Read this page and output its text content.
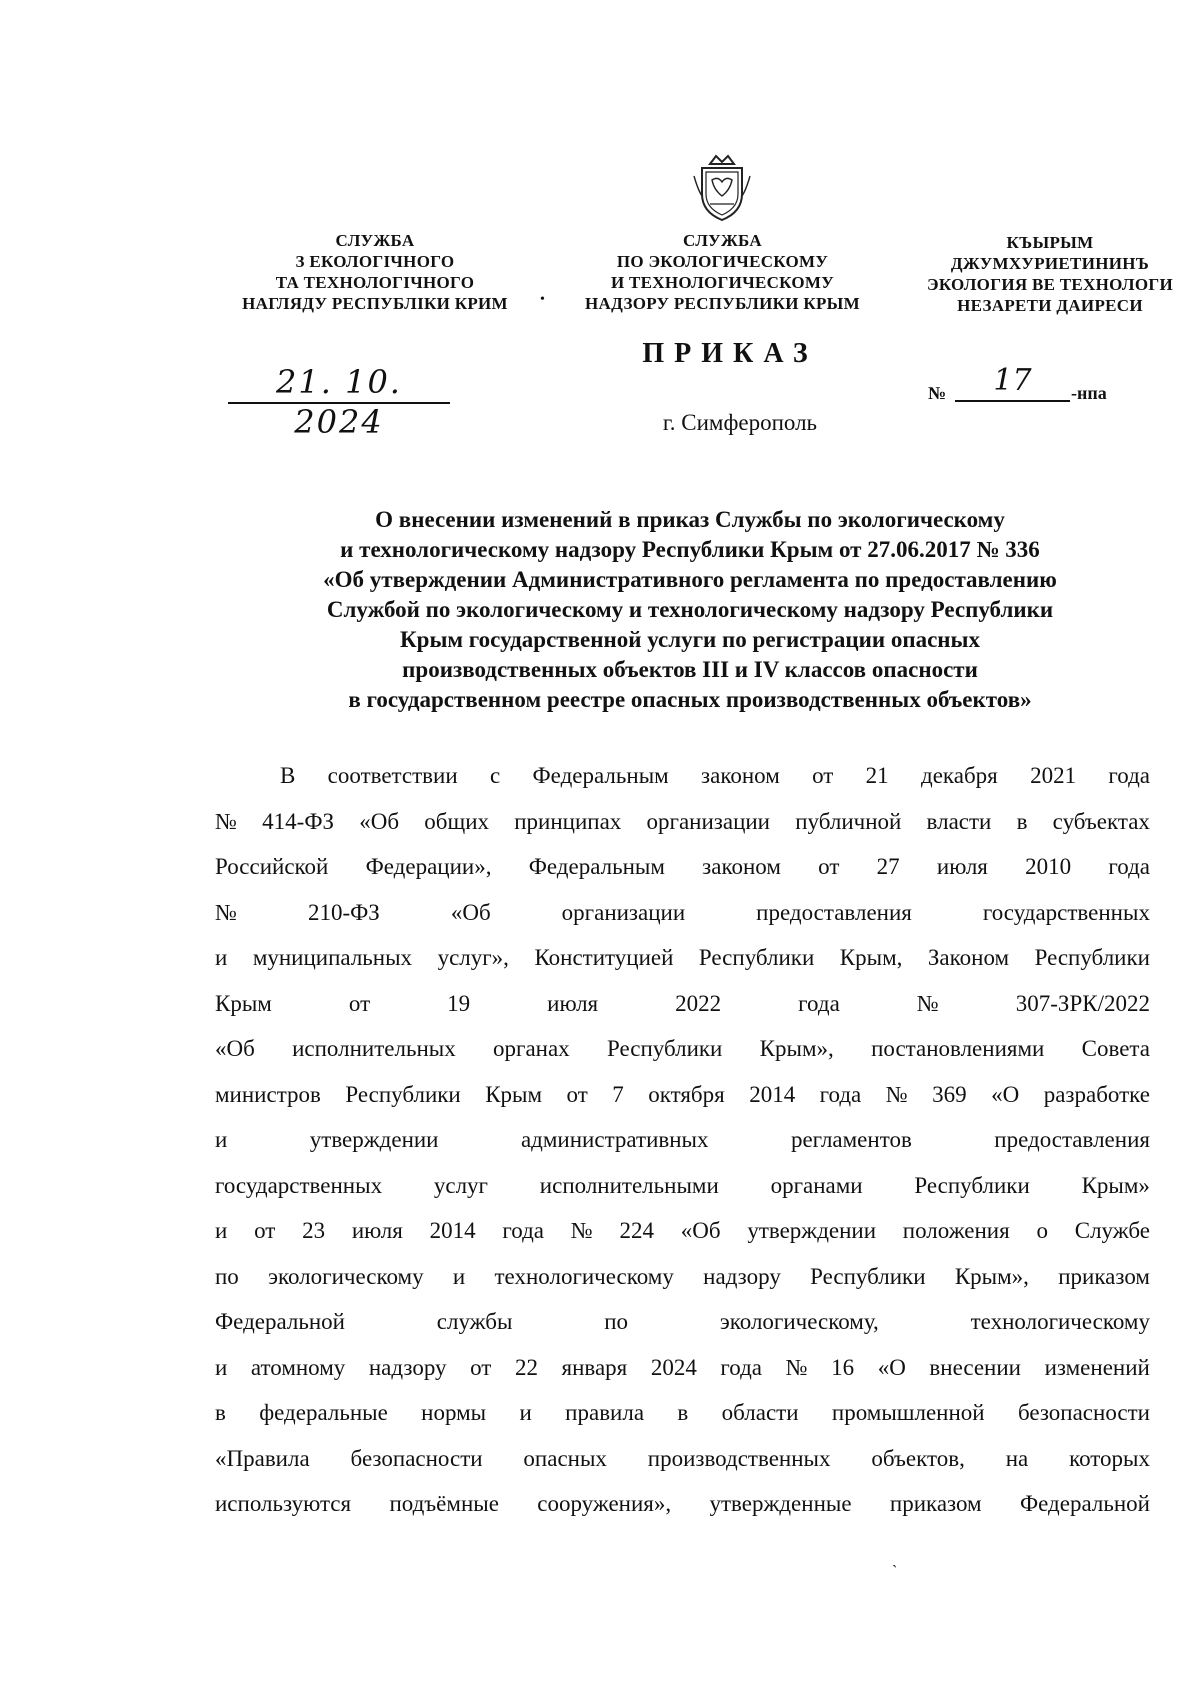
СЛУЖБА
З ЕКОЛОГIЧНОГО
ТА ТЕХНОЛОГIЧНОГО
НАГЛЯДУ РЕСПУБЛIКИ КРИМ	•
СЛУЖБА
ПО ЭКОЛОГИЧЕСКОМУ
И ТЕХНОЛОГИЧЕСКОМУ
НАДЗОРУ РЕСПУБЛИКИ КРЫМ
КЪЫРЫМ
ДЖУМХУРИЕТИНИНЪ
ЭКОЛОГИЯ ВЕ ТЕХНОЛОГИ
НЕЗАРЕТИ ДАИРЕСИ
ПРИКАЗ
21. 10. 2024
№	17	-нпа
г. Симферополь
О внесении изменений в приказ Службы по экологическому
и технологическому надзору Республики Крым от 27.06.2017 № 336
«Об утверждении Административного регламента по предоставлению
Службой по экологическому и технологическому надзору Республики
Крым государственной услуги по регистрации опасных
производственных объектов III и IV классов опасности
в государственном реестре опасных производственных объектов»
В соответствии с Федеральным законом от 21 декабря 2021 года
№ 414-ФЗ «Об общих принципах организации публичной власти в субъектах
Российской Федерации», Федеральным законом от 27 июля 2010 года
№	210-ФЗ	«Об	организации	предоставления	государственных
и муниципальных услуг», Конституцией Республики Крым, Законом Республики
Крым	от	19	июля	2022	года	№	307-ЗРК/2022
«Об исполнительных органах Республики Крым», постановлениями Совета
министров Республики Крым от 7 октября 2014 года № 369 «О разработке
и	утверждении	административных	регламентов	предоставления
государственных услуг исполнительными органами Республики Крым»
и от 23 июля 2014 года № 224 «Об утверждении положения о Службе
по экологическому и технологическому надзору Республики Крым», приказом
Федеральной	службы	по	экологическому,	технологическому
и атомному надзору от 22 января 2024 года № 16 «О внесении изменений
в федеральные нормы и правила в области промышленной безопасности
«Правила безопасности опасных производственных объектов, на которых
используются подъёмные сооружения», утвержденные приказом Федеральной
`
